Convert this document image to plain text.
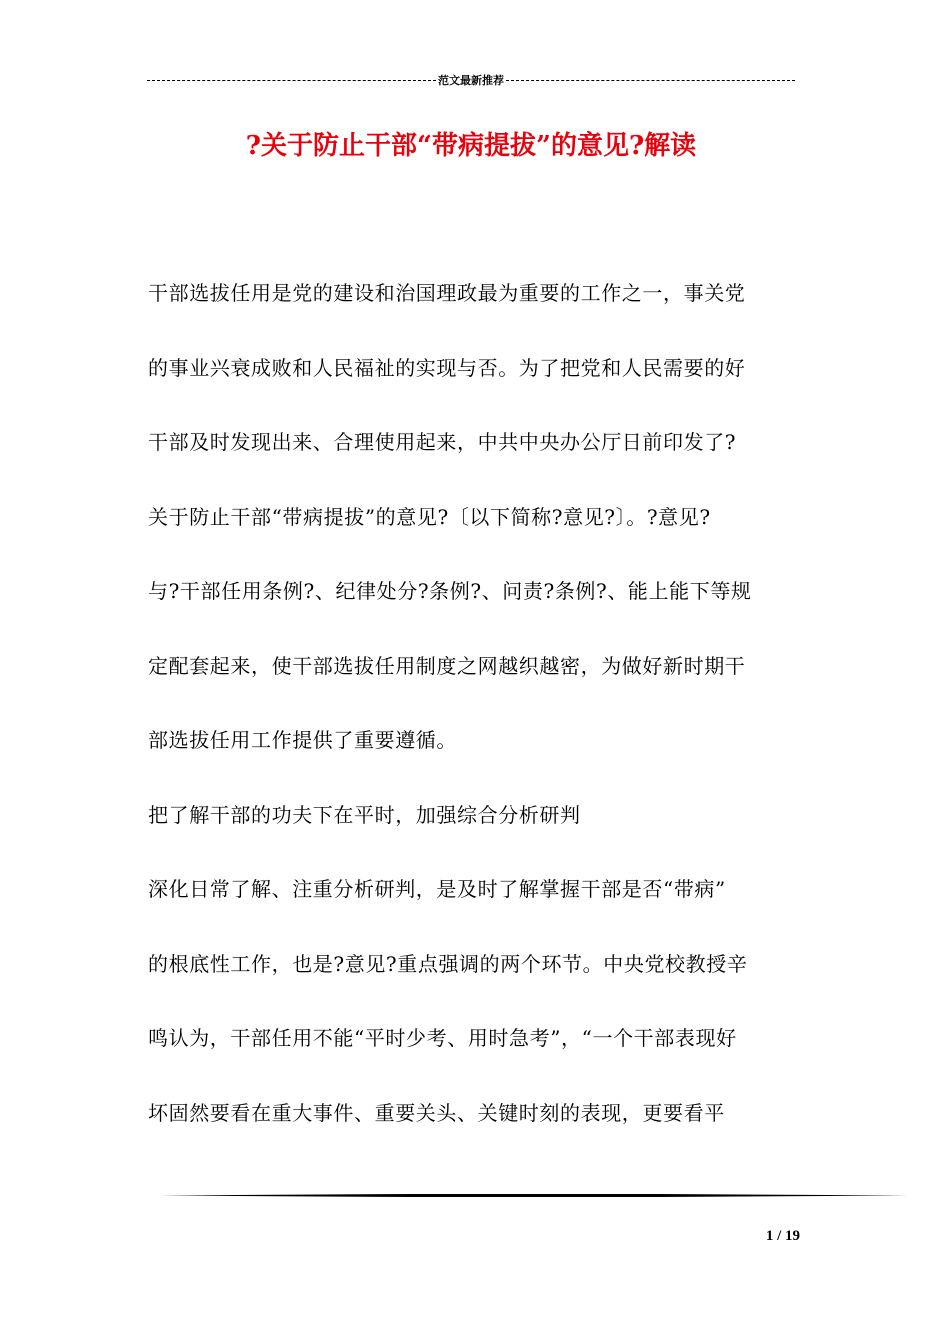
范文最新推荐
?关于防止干部“带病提拔”的意见?解读
干部选拔任用是党的建设和治国理政最为重要的工作之一，事关党
的事业兴衰成败和人民福祉的实现与否。为了把党和人民需要的好
干部及时发现出来、合理使用起来，中共中央办公厅日前印发了?
关于防止干部“带病提拔”的意见?〔以下简称?意见?〕。?意见?
与?干部任用条例?、纪律处分?条例?、问责?条例?、能上能下等规
定配套起来，使干部选拔任用制度之网越织越密，为做好新时期干
部选拔任用工作提供了重要遵循。
把了解干部的功夫下在平时，加强综合分析研判
深化日常了解、注重分析研判，是及时了解掌握干部是否“带病”
的根底性工作，也是?意见?重点强调的两个环节。中央党校教授辛
鸣认为，干部任用不能“平时少考、用时急考”，“一个干部表现好
坏固然要看在重大事件、重要关头、关键时刻的表现，更要看平
1 / 19
